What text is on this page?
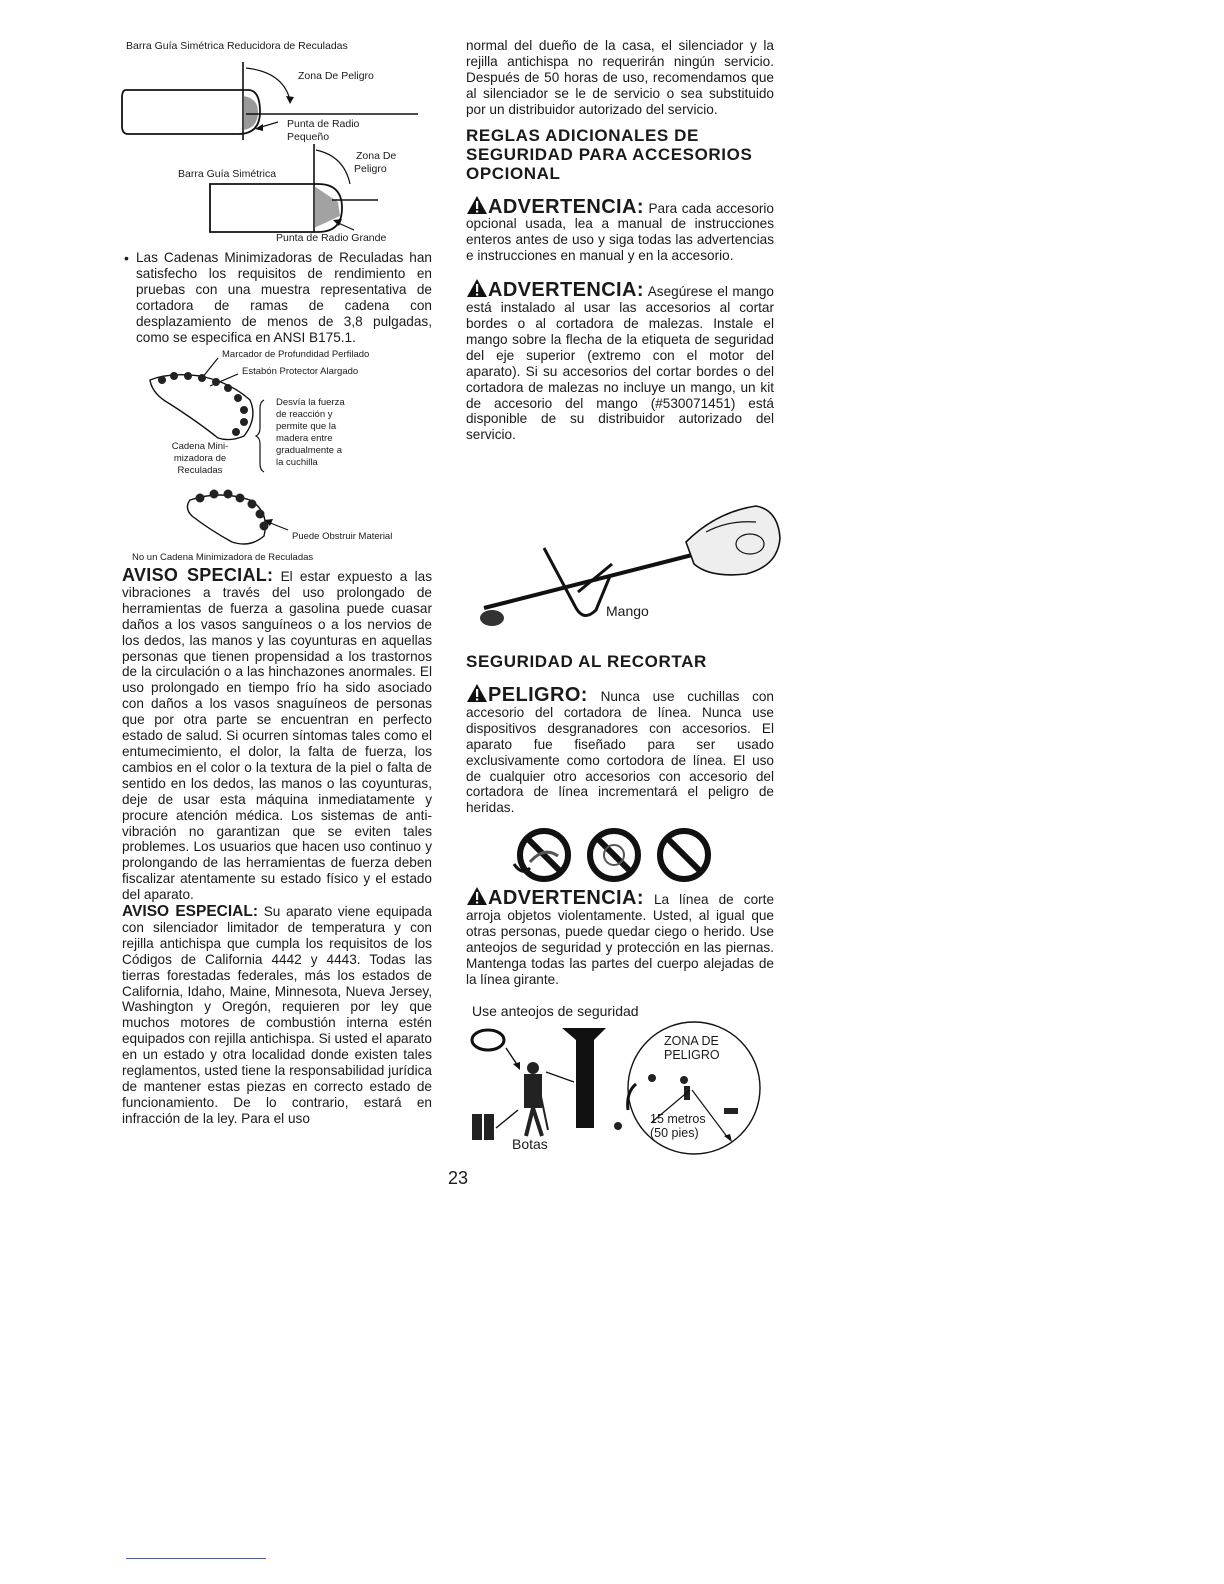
Barra Guía Simétrica Reducidora de Reculadas
Zona De Peligro
Punta de Radio
Pequeño
Zona De
Peligro
Barra Guía Simétrica
Punta de Radio Grande
• Las Cadenas Minimizadoras de Reculadas han satisfecho los requisitos de rendimiento en pruebas con una muestra representativa de cortadora de ramas de cadena con desplazamiento de menos de 3,8 pulgadas, como se especifica en ANSI B175.1.

Marcador de Profundidad Perfilado
Estabón Protector Alargado
Desvía la fuerza
de reacción y
permite que la
madera entre
gradualmente a
la cuchilla
Cadena Mini-
mizadora de
Reculadas
Puede Obstruir Material
No un Cadena Minimizadora de Reculadas

AVISO SPECIAL: El estar expuesto a las vibraciones a través del uso prolongado de herramientas de fuerza a gasolina puede cuasar daños a los vasos sanguíneos o a los nervios de los dedos, las manos y las coyunturas en aquellas personas que tienen propensidad a los trastornos de la circulación o a las hinchazones anormales. El uso prolongado en tiempo frío ha sido asociado con daños a los vasos snaguíneos de personas que por otra parte se encuentran en perfecto estado de salud. Si ocurren síntomas tales como el entumecimiento, el dolor, la falta de fuerza, los cambios en el color o la textura de la piel o falta de sentido en los dedos, las manos o las coyunturas, deje de usar esta máquina inmediatamente y procure atención médica. Los sistemas de anti-vibración no garantizan que se eviten tales problemes. Los usuarios que hacen uso continuo y prolongando de las herramientas de fuerza deben fiscalizar atentamente su estado físico y el estado del aparato.

AVISO ESPECIAL: Su aparato viene equipada con silenciador limitador de temperatura y con rejilla antichispa que cumpla los requisitos de los Códigos de California 4442 y 4443. Todas las tierras forestadas federales, más los estados de California, Idaho, Maine, Minnesota, Nueva Jersey, Washington y Oregón, requieren por ley que muchos motores de combustión interna estén equipados con rejilla antichispa. Si usted el aparato en un estado y otra localidad donde existen tales reglamentos, usted tiene la responsabilidad jurídica de mantener estas piezas en correcto estado de funcionamiento. De lo contrario, estará en infracción de la ley. Para el uso

normal del dueño de la casa, el silenciador y la rejilla antichispa no requerirán ningún servicio. Después de 50 horas de uso, recomendamos que al silenciador se le de servicio o sea substituido por un distribuidor autorizado del servicio.

REGLAS ADICIONALES DE SEGURIDAD PARA ACCESORIOS OPCIONAL

ADVERTENCIA: Para cada accesorio opcional usada, lea a manual de instrucciones enteros antes de uso y siga todas las advertencias e instrucciones en manual y en la accesorio.

ADVERTENCIA: Asegúrese el mango está instalado al usar las accesorios al cortar bordes o al cortadora de malezas. Instale el mango sobre la flecha de la etiqueta de seguridad del eje superior (extremo con el motor del aparato). Si su accesorios del cortar bordes o del cortadora de malezas no incluye un mango, un kit de accesorio del mango (#530071451) está disponible de su distribuidor autorizado del servicio.

Mango
SEGURIDAD AL RECORTAR

PELIGRO: Nunca use cuchillas con accesorio del cortadora de línea. Nunca use dispositivos desgranadores con accesorios. El aparato fue fiseñado para ser usado exclusivamente como cortodora de línea. El uso de cualquier otro accesorios con accesorio del cortadora de línea incrementará el peligro de heridas.

ADVERTENCIA: La línea de corte arroja objetos violentamente. Usted, al igual que otras personas, puede quedar ciego o herido. Use anteojos de seguridad y protección en las piernas. Mantenga todas las partes del cuerpo alejadas de la línea girante.

Use anteojos de seguridad
ZONA DE
PELIGRO
15 metros
(50 pies)
Botas
23
